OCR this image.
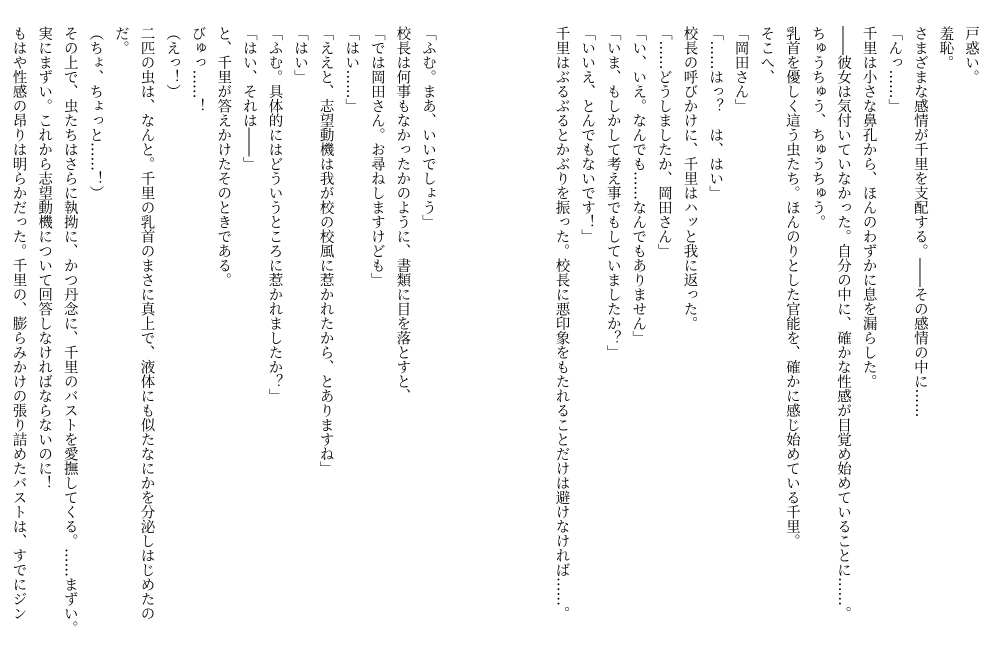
戸惑い。
羞恥。
さまざまな感情が千里を支配する。――その感情の中に……
「んっ……」
千里は小さな鼻孔から、ほんのわずかに息を漏らした。
――彼女は気付いていなかった。自分の中に、確かな性感が目覚め始めていることに……。
ちゅうちゅう、ちゅうちゅう。
乳首を優しく這う虫たち。ほんのりとした官能を、確かに感じ始めている千里。
そこへ、
「岡田さん」
「……はっ？　は、はい」
校長の呼びかけに、千里はハッと我に返った。
「……どうしましたか、岡田さん」
「い、いえ。なんでも……なんでもありません」
「いま、もしかして考え事でもしていましたか？」
「いいえ、とんでもないです！」
千里はぶるぶるとかぶりを振った。校長に悪印象をもたれることだけは避けなければ……。
「ふむ。まあ、いいでしょう」
校長は何事もなかったかのように、書類に目を落とすと、
「では岡田さん。お尋ねしますけども」
「はい……」
「ええと、志望動機は我が校の校風に惹かれたから、とありますね」
「はい」
「ふむ。具体的にはどういうところに惹かれましたか？」
「はい、それは――」
と、千里が答えかけたそのときである。
びゅっ……！
（えっ！）
二匹の虫は、なんと。千里の乳首のまさに真上で、液体にも似たなにかを分泌しはじめたの
だ。
（ちょ、ちょっと……！）
その上で、虫たちはさらに執拗に、かつ丹念に、千里のバストを愛撫してくる。……まずい。
実にまずい。これから志望動機について回答しなければならないのに！
もはや性感の昂りは明らかだった。千里の、膨らみかけの張り詰めたバストは、すでにジン
